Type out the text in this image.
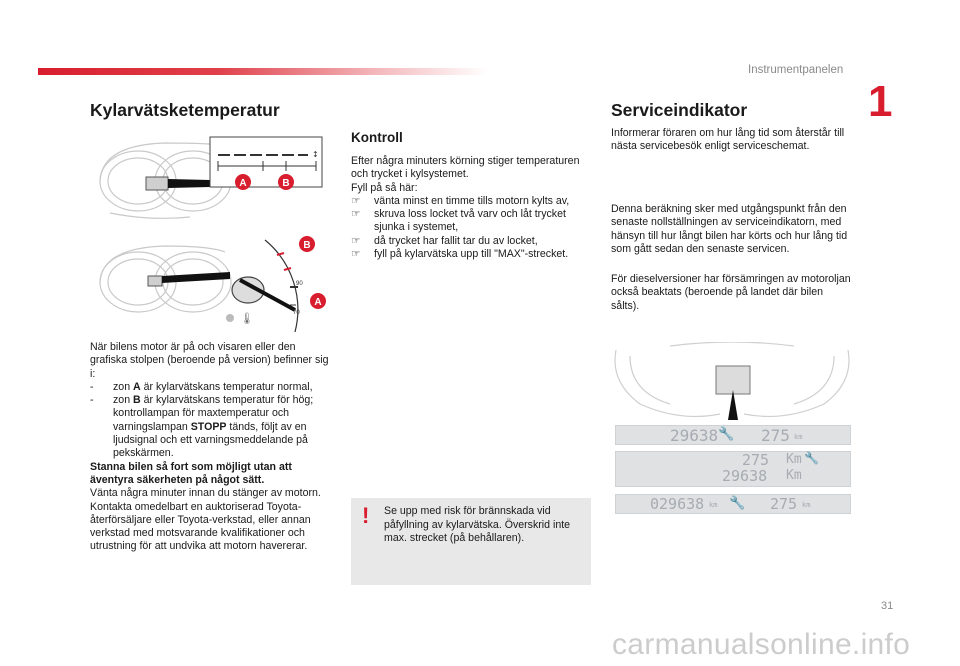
Instrumentpanelen
1
Kylarvätsketemperatur
↕
A	B
90
70
🌡
B
A

När bilens motor är på och visaren eller den grafiska stolpen (beroende på version) befinner sig i:

- zon A är kylarvätskans temperatur normal,
- zon B är kylarvätskans temperatur för hög; kontrollampan för maxtemperatur och varningslampan STOPP tänds, följt av en ljudsignal och ett varningsmeddelande på pekskärmen.

Stanna bilen så fort som möjligt utan att äventyra säkerheten på något sätt.

Vänta några minuter innan du stänger av motorn.

Kontakta omedelbart en auktoriserad Toyota-återförsäljare eller Toyota-verkstad, eller annan verkstad med motsvarande kvalifikationer och utrustning för att undvika att motorn havererar.

Kontroll

Efter några minuters körning stiger temperaturen och trycket i kylsystemet.

Fyll på så här:

☞ vänta minst en timme tills motorn kylts av,
☞ skruva loss locket två varv och låt trycket sjunka i systemet,
☞ då trycket har fallit tar du av locket,
☞ fyll på kylarvätska upp till "MAX"-strecket.
! Se upp med risk för brännskada vid påfyllning av kylarvätska. Överskrid inte max. strecket (på behållaren).
Serviceindikator
Informerar föraren om hur lång tid som återstår till nästa servicebesök enligt serviceschemat.
Denna beräkning sker med utgångspunkt från den senaste nollställningen av serviceindikatorn, med hänsyn till hur långt bilen har körts och hur lång tid som gått sedan den senaste servicen.
För dieselversioner har försämringen av motoroljan också beaktats (beroende på landet där bilen sålts).
29638 🔧 275 km
275 Km 🔧
29638 Km
029638 km 🔧 275 km
31
carmanualsonline.info
